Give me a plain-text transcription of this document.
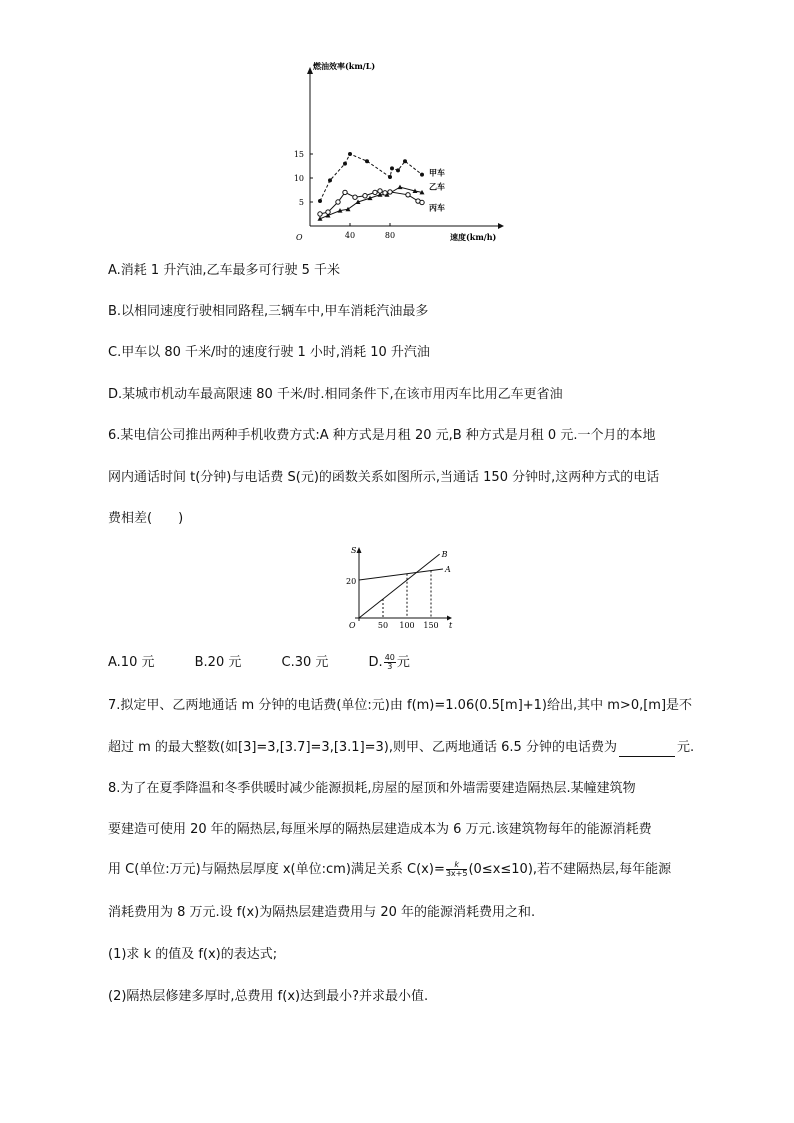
5
10
15
40	80
O
燃油效率(km/L)
速度(km/h)
甲车
乙车
丙车
A.消耗 1 升汽油,乙车最多可行驶 5 千米
B.以相同速度行驶相同路程,三辆车中,甲车消耗汽油最多
C.甲车以 80 千米/时的速度行驶 1 小时,消耗 10 升汽油
D.某城市机动车最高限速 80 千米/时.相同条件下,在该市用丙车比用乙车更省油
6.某电信公司推出两种手机收费方式:A 种方式是月租 20 元,B 种方式是月租 0 元.一个月的本地
网内通话时间 t(分钟)与电话费 S(元)的函数关系如图所示,当通话 150 分钟时,这两种方式的电话
费相差(　　)
20
50 100 150
O
S
t
A
B
A.10 元	B.20 元	C.30 元	D. $\frac{40}{3}$ 元
7.拟定甲、乙两地通话 m 分钟的电话费(单位:元)由 f(m)=1.06(0.5[m]+1)给出,其中 m>0,[m]是不
超过 m 的最大整数(如[3]=3,[3.7]=3,[3.1]=3),则甲、乙两地通话 6.5 分钟的电话费为	元.
8.为了在夏季降温和冬季供暖时减少能源损耗,房屋的屋顶和外墙需要建造隔热层.某幢建筑物
要建造可使用 20 年的隔热层,每厘米厚的隔热层建造成本为 6 万元.该建筑物每年的能源消耗费
用 C(单位:万元)与隔热层厚度 x(单位:cm)满足关系 $C(x)= \frac{k}{3x+5} (0\le x\le 10)$,若不建隔热层,每年能源
消耗费用为 8 万元.设 f(x)为隔热层建造费用与 20 年的能源消耗费用之和.
(1)求 k 的值及 f(x)的表达式;
(2)隔热层修建多厚时,总费用 f(x)达到最小?并求最小值.
